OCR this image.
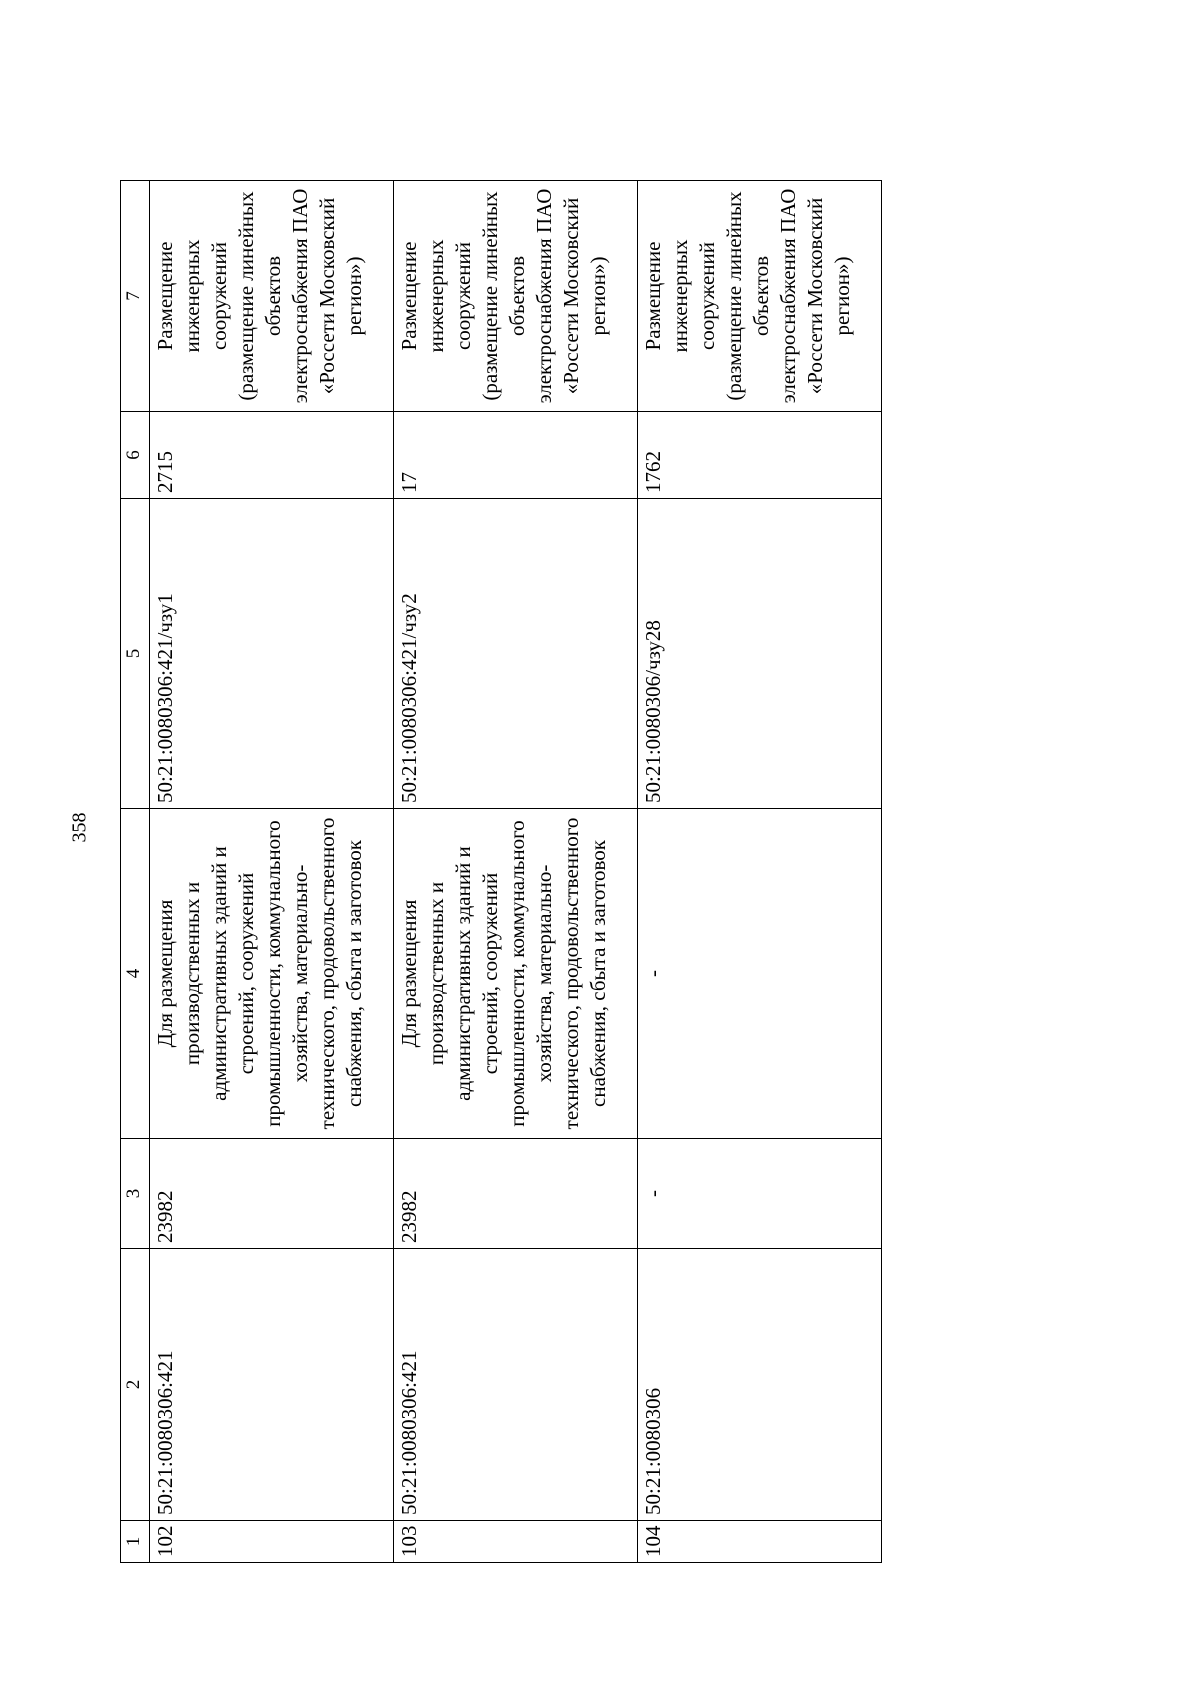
358
1	2	3	4	5	6	7
102	50:21:0080306:421	23982	Для размещения производственных и административных зданий и строений, сооружений промышленности, коммунального хозяйства, материально-технического, продовольственного снабжения, сбыта и заготовок	50:21:0080306:421/чзу1	2715	Размещение инженерных сооружений (размещение линейных объектов электроснабжения ПАО «Россети Московский регион»)
103	50:21:0080306:421	23982	Для размещения производственных и административных зданий и строений, сооружений промышленности, коммунального хозяйства, материально-технического, продовольственного снабжения, сбыта и заготовок	50:21:0080306:421/чзу2	17	Размещение инженерных сооружений (размещение линейных объектов электроснабжения ПАО «Россети Московский регион»)
104	50:21:0080306	-	-	50:21:0080306/чзу28	1762	Размещение инженерных сооружений (размещение линейных объектов электроснабжения ПАО «Россети Московский регион»)
